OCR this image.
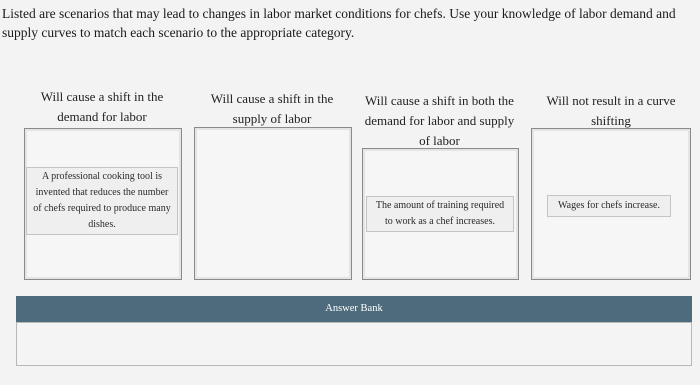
Listed are scenarios that may lead to changes in labor market conditions for chefs. Use your knowledge of labor demand and supply curves to match each scenario to the appropriate category.
Will cause a shift in the demand for labor
Will cause a shift in the supply of labor
Will cause a shift in both the demand for labor and supply of labor
Will not result in a curve shifting
A professional cooking tool is invented that reduces the number of chefs required to produce many dishes.
The amount of training required to work as a chef increases.
Wages for chefs increase.
Answer Bank
